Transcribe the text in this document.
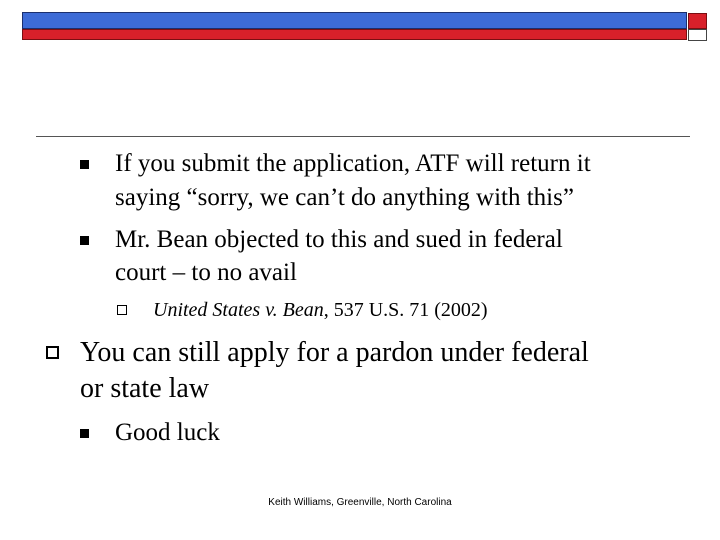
If you submit the application, ATF will return it
saying “sorry, we can’t do anything with this”
Mr. Bean objected to this and sued in federal
court – to no avail
United States v. Bean, 537 U.S. 71 (2002)
You can still apply for a pardon under federal
or state law
Good luck
Keith Williams, Greenville, North Carolina
